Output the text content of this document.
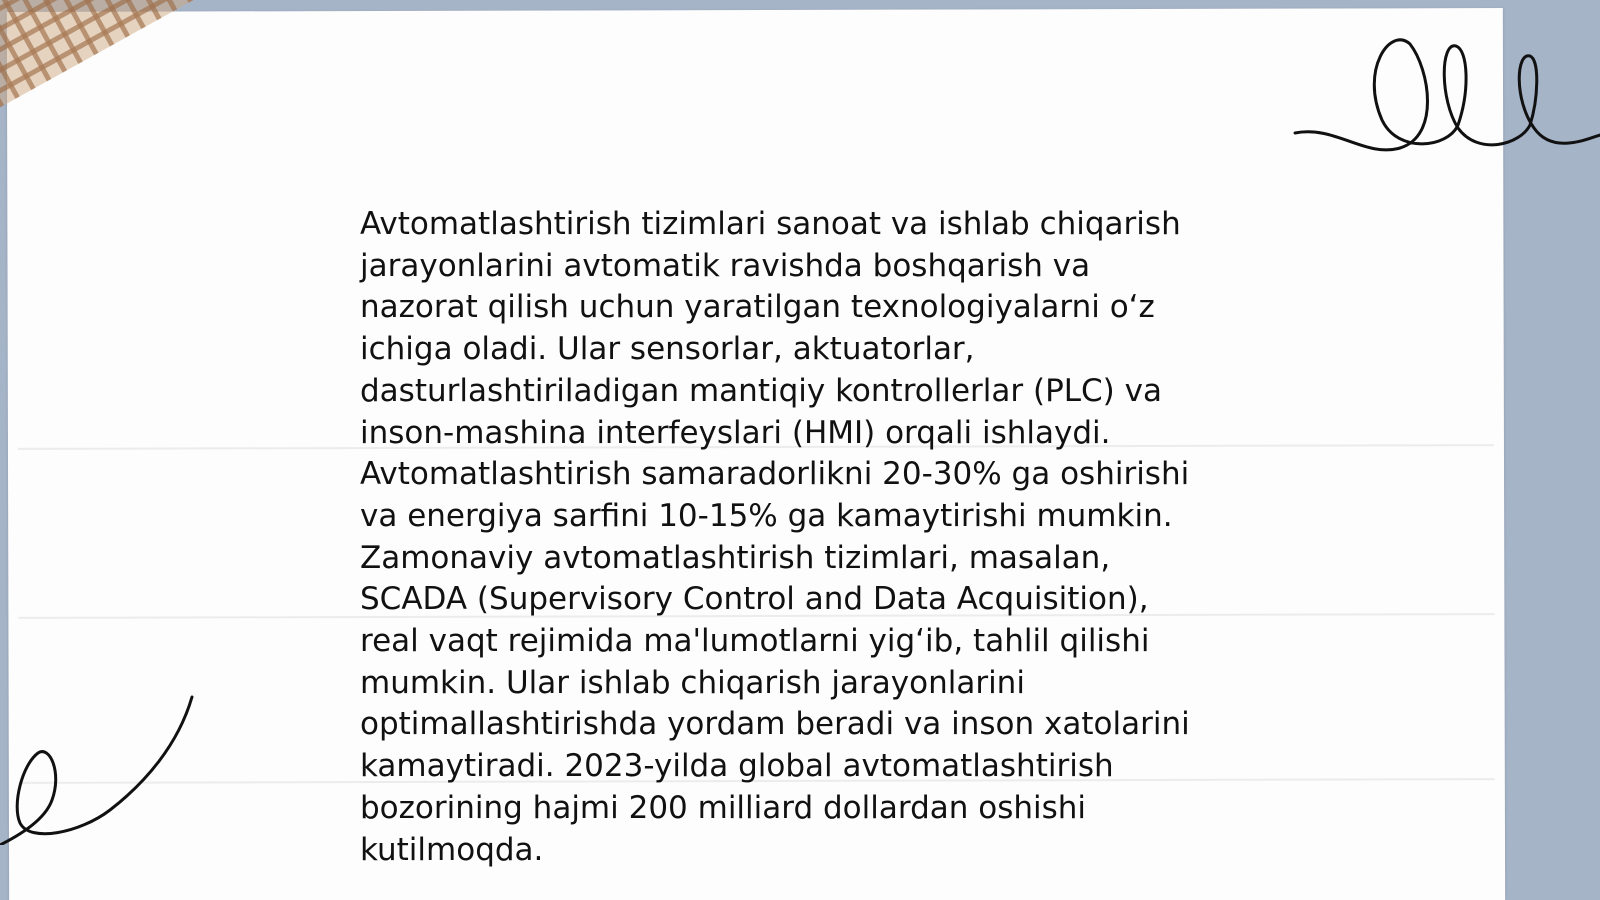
Avtomatlashtirish tizimlari sanoat va ishlab chiqarish
jarayonlarini avtomatik ravishda boshqarish va
nazorat qilish uchun yaratilgan texnologiyalarni o‘z
ichiga oladi. Ular sensorlar, aktuatorlar,
dasturlashtiriladigan mantiqiy kontrollerlar (PLC) va
inson-mashina interfeyslari (HMI) orqali ishlaydi.
Avtomatlashtirish samaradorlikni 20-30% ga oshirishi
va energiya sarfini 10-15% ga kamaytirishi mumkin.
Zamonaviy avtomatlashtirish tizimlari, masalan,
SCADA (Supervisory Control and Data Acquisition),
real vaqt rejimida ma'lumotlarni yig‘ib, tahlil qilishi
mumkin. Ular ishlab chiqarish jarayonlarini
optimallashtirishda yordam beradi va inson xatolarini
kamaytiradi. 2023-yilda global avtomatlashtirish
bozorining hajmi 200 milliard dollardan oshishi
kutilmoqda.
